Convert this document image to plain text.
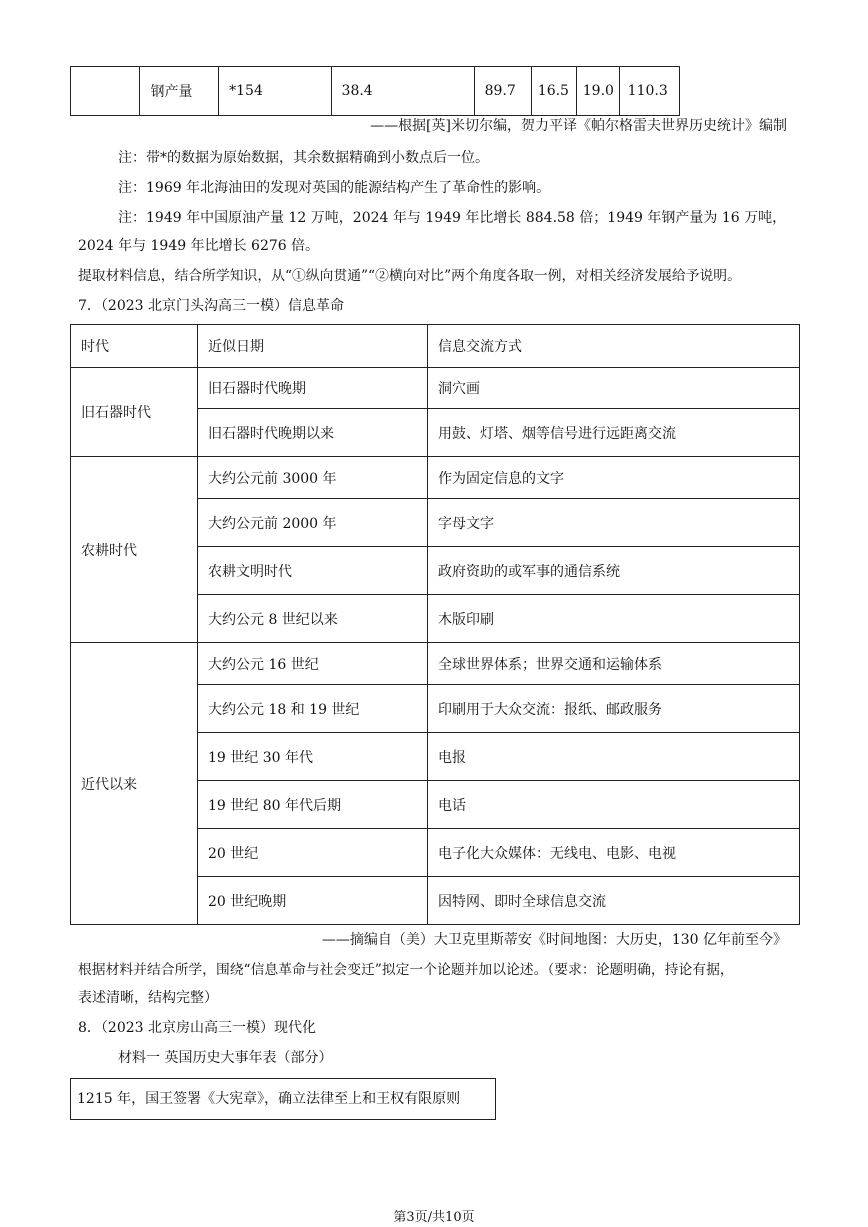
	钢产量	*154	38.4	89.7	16.5	19.0	110.3
——根据[英]米切尔编，贺力平译《帕尔格雷夫世界历史统计》编制
注：带*的数据为原始数据，其余数据精确到小数点后一位。
注：1969 年北海油田的发现对英国的能源结构产生了革命性的影响。
注：1949 年中国原油产量 12 万吨，2024 年与 1949 年比增长 884.58 倍；1949 年钢产量为 16 万吨，
2024 年与 1949 年比增长 6276 倍。
提取材料信息，结合所学知识，从“①纵向贯通”“②横向对比”两个角度各取一例，对相关经济发展给予说明。
7．（2023 北京门头沟高三一模）信息革命
时代	近似日期	信息交流方式
旧石器时代	旧石器时代晚期	洞穴画
	旧石器时代晚期以来	用鼓、灯塔、烟等信号进行远距离交流
农耕时代	大约公元前 3000 年	作为固定信息的文字
	大约公元前 2000 年	字母文字
	农耕文明时代	政府资助的或军事的通信系统
	大约公元 8 世纪以来	木版印刷
近代以来	大约公元 16 世纪	全球世界体系；世界交通和运输体系
	大约公元 18 和 19 世纪	印刷用于大众交流：报纸、邮政服务
	19 世纪 30 年代	电报
	19 世纪 80 年代后期	电话
	20 世纪	电子化大众媒体：无线电、电影、电视
	20 世纪晚期	因特网、即时全球信息交流
——摘编自（美）大卫克里斯蒂安《时间地图：大历史，130 亿年前至今》
根据材料并结合所学，围绕“信息革命与社会变迁”拟定一个论题并加以论述。（要求：论题明确，持论有据，
表述清晰，结构完整）
8．（2023 北京房山高三一模）现代化
材料一 英国历史大事年表（部分）
1215 年，国王签署《大宪章》，确立法律至上和王权有限原则
第3页/共10页
